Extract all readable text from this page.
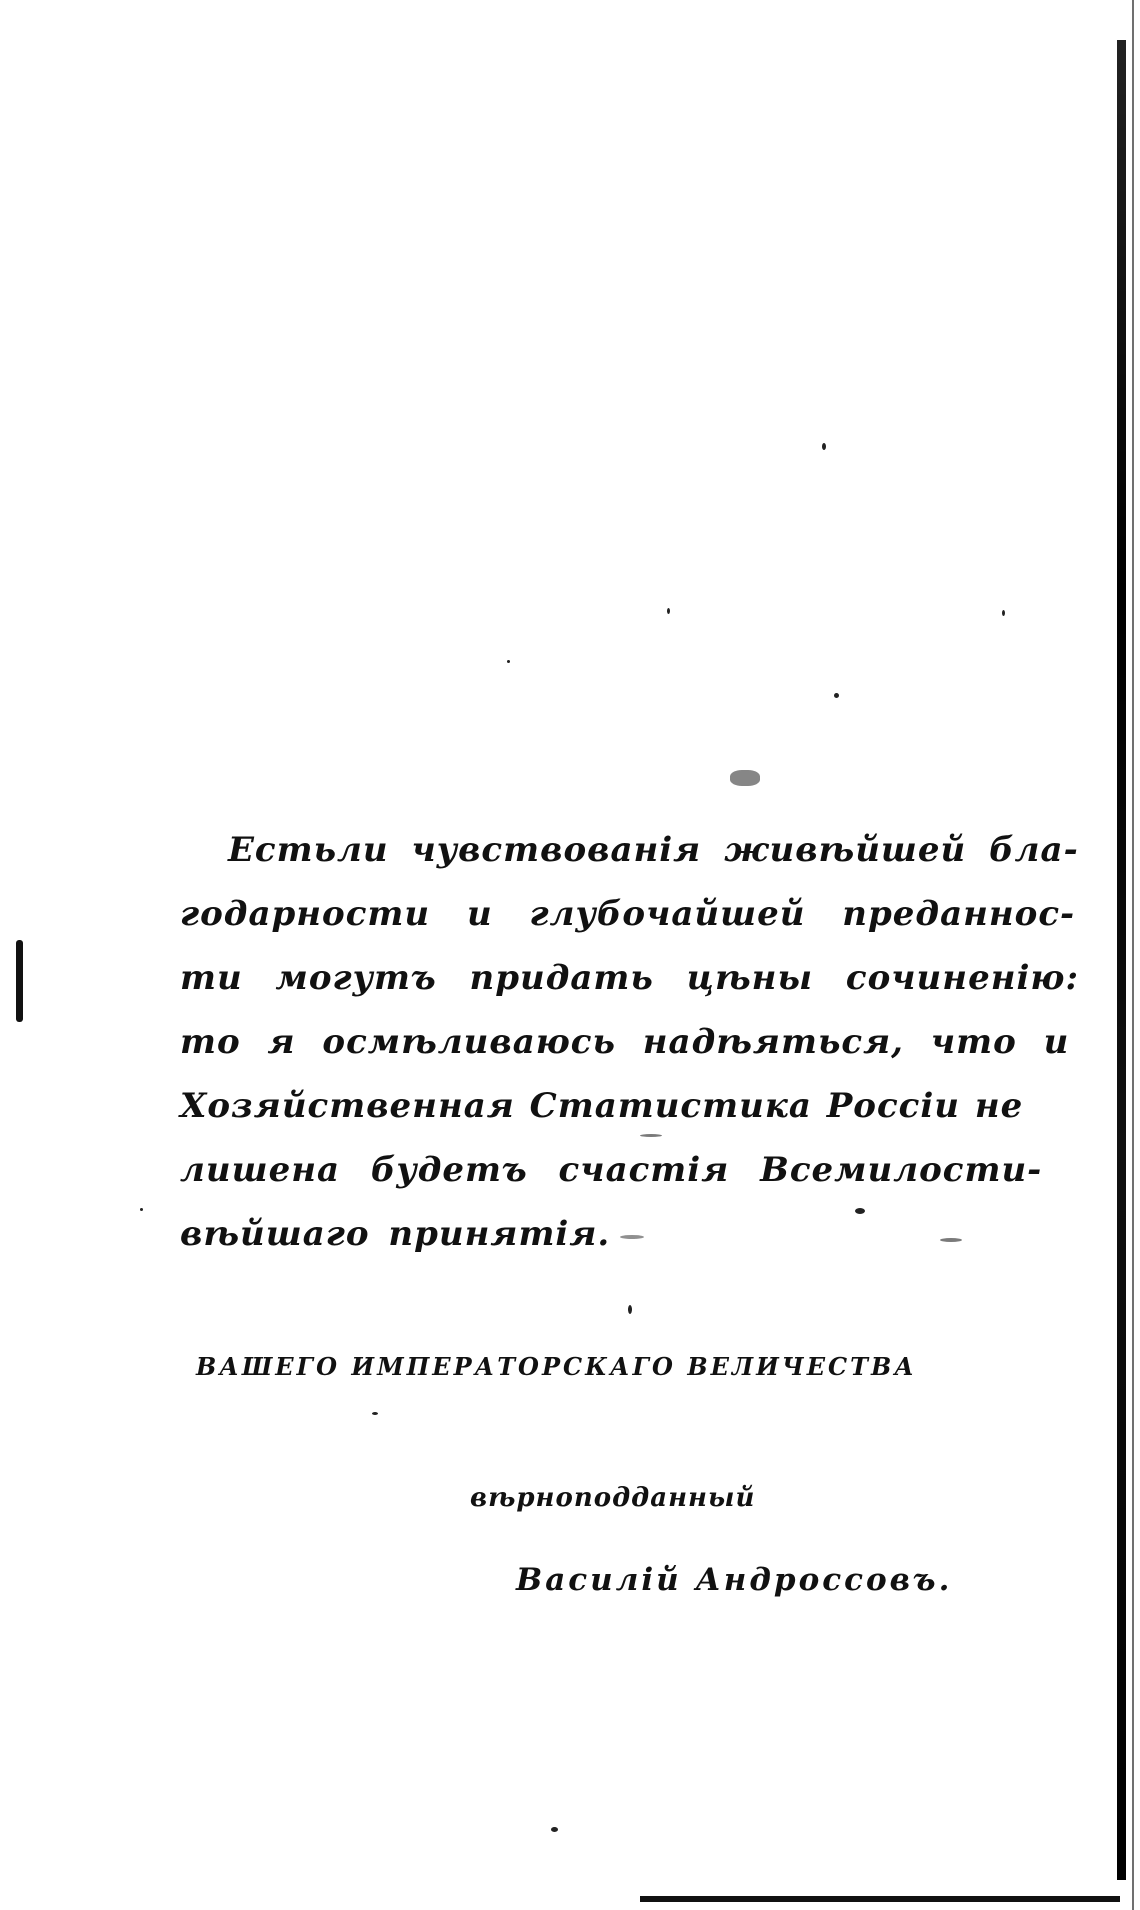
Естьли чувствованія живѣйшей бла-
годарности и глубочайшей преданнос-
ти могутъ придать цѣны сочиненію:
то я осмѣливаюсь надѣяться, что и
Хозяйственная Статистика Россіи не
лишена будетъ счастія Всемилости-
вѣйшаго принятія.
ВАШЕГО ИМПЕРАТОРСКАГО ВЕЛИЧЕСТВА
вѣрноподданный
Василій Андроссовъ.
